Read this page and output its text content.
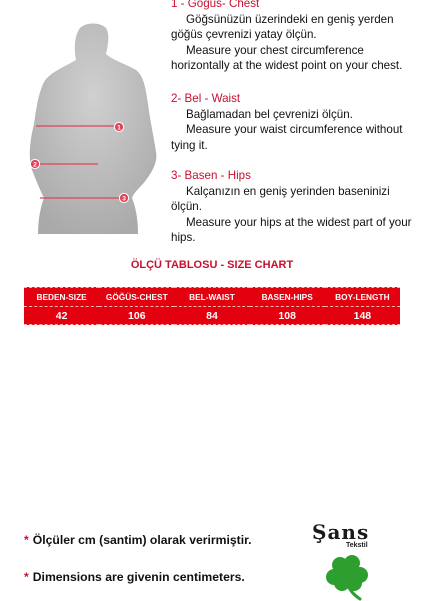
1
2
3

1 - Göğüs- Chest

Göğsünüzün üzerindeki en geniş yerden göğüs çevrenizi yatay ölçün.

Measure your chest circumference horizontally at the widest point on your chest.

2- Bel - Waist

Bağlamadan bel çevrenizi ölçün.

Measure your waist circumference without tying it.

3- Basen - Hips

Kalçanızın en geniş yerinden baseninizi ölçün.

Measure your hips at the widest part of your hips.

ÖLÇÜ TABLOSU - SIZE CHART
BEDEN-SIZE	GÖĞÜS-CHEST	BEL-WAIST	BASEN-HIPS	BOY-LENGTH
42	106	84	108	148
* Ölçüler cm (santim) olarak verirmiştir.
* Dimensions are givenin centimeters.
Şans
Tekstil
